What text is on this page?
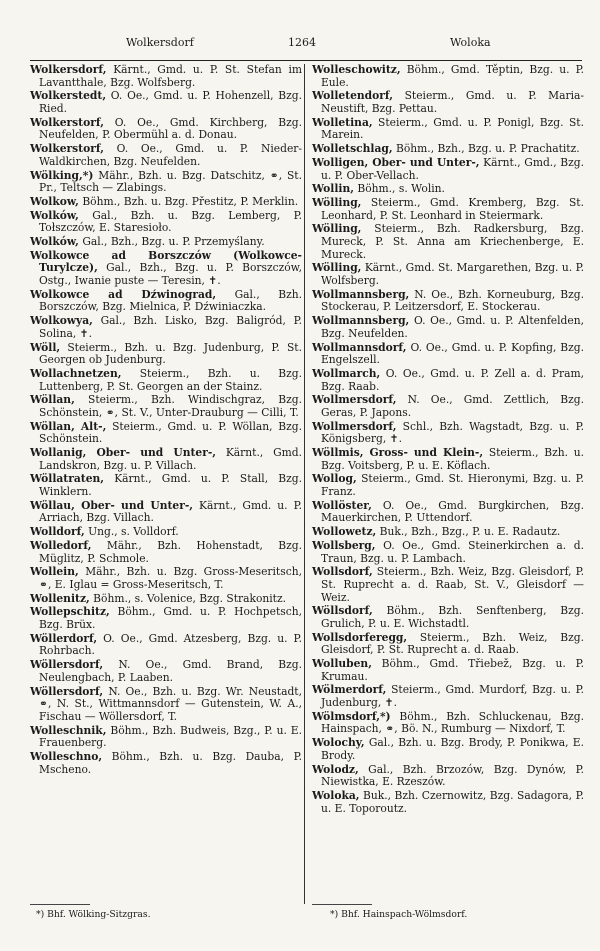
Wolkersdorf	1264	Woloka
Wolkersdorf, Kärnt., Gmd. u. P. St. Stefan im Lavantthale, Bzg. Wolfsberg.
Wolkerstedt, O. Oe., Gmd. u. P. Hohenzell, Bzg. Ried.
Wolkerstorf, O. Oe., Gmd. Kirchberg, Bzg. Neufelden, P. Obermühl a. d. Donau.
Wolkerstorf, O. Oe., Gmd. u. P. Nieder-Waldkirchen, Bzg. Neufelden.
Wölking,*) Mähr., Bzh. u. Bzg. Datschitz, ⚭, St. Pr., Teltsch — Zlabings.
Wolkow, Böhm., Bzh. u. Bzg. Přestitz, P. Merklin.
Wolków, Gal., Bzh. u. Bzg. Lemberg, P. Tołszczów, E. Staresioło.
Wolków, Gal., Bzh., Bzg. u. P. Przemyślany.
Wolkowce ad Borszczów (Wolkowce-Turylcze), Gal., Bzh., Bzg. u. P. Borszczów, Ostg., Iwanie puste — Teresin, ✝.
Wolkowce ad Dźwinograd, Gal., Bzh. Borszczów, Bzg. Mielnica, P. Dźwiniaczka.
Wolkowya, Gal., Bzh. Lisko, Bzg. Baligród, P. Solina, ✝.
Wöll, Steierm., Bzh. u. Bzg. Judenburg, P. St. Georgen ob Judenburg.
Wollachnetzen, Steierm., Bzh. u. Bzg. Luttenberg, P. St. Georgen an der Stainz.
Wöllan, Steierm., Bzh. Windischgraz, Bzg. Schönstein, ⚭, St. V., Unter-Drauburg — Cilli, T.
Wöllan, Alt-, Steierm., Gmd. u. P. Wöllan, Bzg. Schönstein.
Wollanig, Ober- und Unter-, Kärnt., Gmd. Landskron, Bzg. u. P. Villach.
Wöllatraten, Kärnt., Gmd. u. P. Stall, Bzg. Winklern.
Wöllau, Ober- und Unter-, Kärnt., Gmd. u. P. Arriach, Bzg. Villach.
Wolldorf, Ung., s. Volldorf.
Wolledorf, Mähr., Bzh. Hohenstadt, Bzg. Müglitz, P. Schmole.
Wollein, Mähr., Bzh. u. Bzg. Gross-Meseritsch, ⚭, E. Iglau = Gross-Meseritsch, T.
Wollenitz, Böhm., s. Volenice, Bzg. Strakonitz.
Wollepschitz, Böhm., Gmd. u. P. Hochpetsch, Bzg. Brüx.
Wöllerdorf, O. Oe., Gmd. Atzesberg, Bzg. u. P. Rohrbach.
Wöllersdorf, N. Oe., Gmd. Brand, Bzg. Neulengbach, P. Laaben.
Wöllersdorf, N. Oe., Bzh. u. Bzg. Wr. Neustadt, ⚭, N. St., Wittmannsdorf — Gutenstein, W. A., Fischau — Wöllersdorf, T.
Wolleschnik, Böhm., Bzh. Budweis, Bzg., P. u. E. Frauenberg.
Wolleschno, Böhm., Bzh. u. Bzg. Dauba, P. Mscheno.
Wolleschowitz, Böhm., Gmd. Těptin, Bzg. u. P. Eule.
Wolletendorf, Steierm., Gmd. u. P. Maria-Neustift, Bzg. Pettau.
Wolletina, Steierm., Gmd. u. P. Ponigl, Bzg. St. Marein.
Wolletschlag, Böhm., Bzh., Bzg. u. P. Prachatitz.
Wolligen, Ober- und Unter-, Kärnt., Gmd., Bzg. u. P. Ober-Vellach.
Wollin, Böhm., s. Wolin.
Wölling, Steierm., Gmd. Kremberg, Bzg. St. Leonhard, P. St. Leonhard in Steiermark.
Wölling, Steierm., Bzh. Radkersburg, Bzg. Mureck, P. St. Anna am Kriechenberge, E. Mureck.
Wölling, Kärnt., Gmd. St. Margarethen, Bzg. u. P. Wolfsberg.
Wollmannsberg, N. Oe., Bzh. Korneuburg, Bzg. Stockerau, P. Leitzersdorf, E. Stockerau.
Wollmannsberg, O. Oe., Gmd. u. P. Altenfelden, Bzg. Neufelden.
Wollmannsdorf, O. Oe., Gmd. u. P. Kopfing, Bzg. Engelszell.
Wollmarch, O. Oe., Gmd. u. P. Zell a. d. Pram, Bzg. Raab.
Wollmersdorf, N. Oe., Gmd. Zettlich, Bzg. Geras, P. Japons.
Wollmersdorf, Schl., Bzh. Wagstadt, Bzg. u. P. Königsberg, ✝.
Wöllmis, Gross- und Klein-, Steierm., Bzh. u. Bzg. Voitsberg, P. u. E. Köflach.
Wollog, Steierm., Gmd. St. Hieronymi, Bzg. u. P. Franz.
Wollöster, O. Oe., Gmd. Burgkirchen, Bzg. Mauerkirchen, P. Uttendorf.
Wollowetz, Buk., Bzh., Bzg., P. u. E. Radautz.
Wollsberg, O. Oe., Gmd. Steinerkirchen a. d. Traun, Bzg. u. P. Lambach.
Wollsdorf, Steierm., Bzh. Weiz, Bzg. Gleisdorf, P. St. Ruprecht a. d. Raab, St. V., Gleisdorf — Weiz.
Wöllsdorf, Böhm., Bzh. Senftenberg, Bzg. Grulich, P. u. E. Wichstadtl.
Wollsdorferegg, Steierm., Bzh. Weiz, Bzg. Gleisdorf, P. St. Ruprecht a. d. Raab.
Wolluben, Böhm., Gmd. Třiebež, Bzg. u. P. Krumau.
Wölmerdorf, Steierm., Gmd. Murdorf, Bzg. u. P. Judenburg, ✝.
Wölmsdorf,*) Böhm., Bzh. Schluckenau, Bzg. Hainspach, ⚭, Bö. N., Rumburg — Nixdorf, T.
Wolochy, Gal., Bzh. u. Bzg. Brody, P. Ponikwa, E. Brody.
Wolodz, Gal., Bzh. Brzozów, Bzg. Dynów, P. Niewistka, E. Rzeszów.
Woloka, Buk., Bzh. Czernowitz, Bzg. Sadagora, P. u. E. Toporoutz.
*) Bhf. Wölking-Sitzgras.	*) Bhf. Hainspach-Wölmsdorf.
